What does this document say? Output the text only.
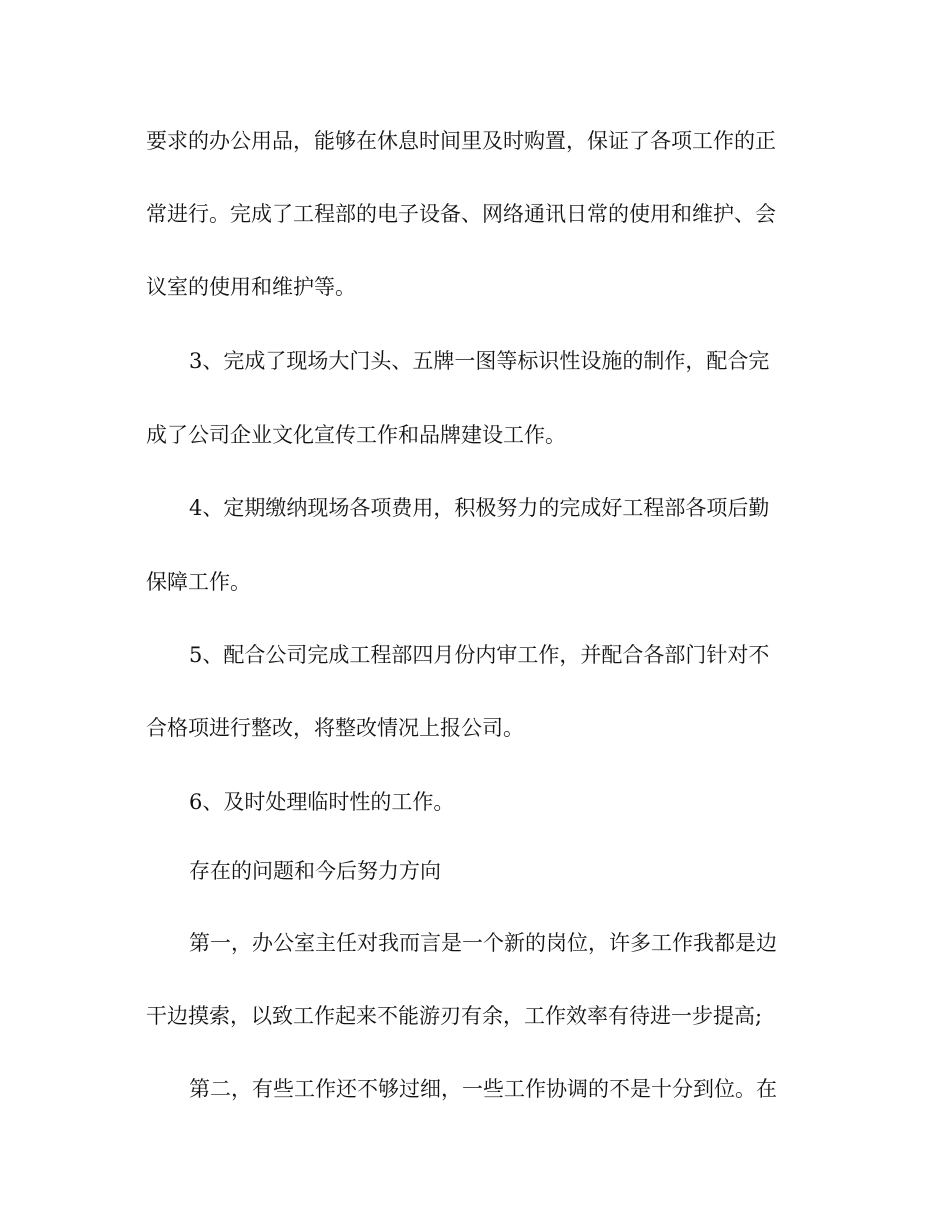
要求的办公用品，能够在休息时间里及时购置，保证了各项工作的正

常进行。完成了工程部的电子设备、网络通讯日常的使用和维护、会

议室的使用和维护等。

3、完成了现场大门头、五牌一图等标识性设施的制作，配合完

成了公司企业文化宣传工作和品牌建设工作。

4、定期缴纳现场各项费用，积极努力的完成好工程部各项后勤

保障工作。

5、配合公司完成工程部四月份内审工作，并配合各部门针对不

合格项进行整改，将整改情况上报公司。

6、及时处理临时性的工作。

存在的问题和今后努力方向

第一，办公室主任对我而言是一个新的岗位，许多工作我都是边

干边摸索，以致工作起来不能游刃有余，工作效率有待进一步提高;

第二，有些工作还不够过细，一些工作协调的不是十分到位。在
